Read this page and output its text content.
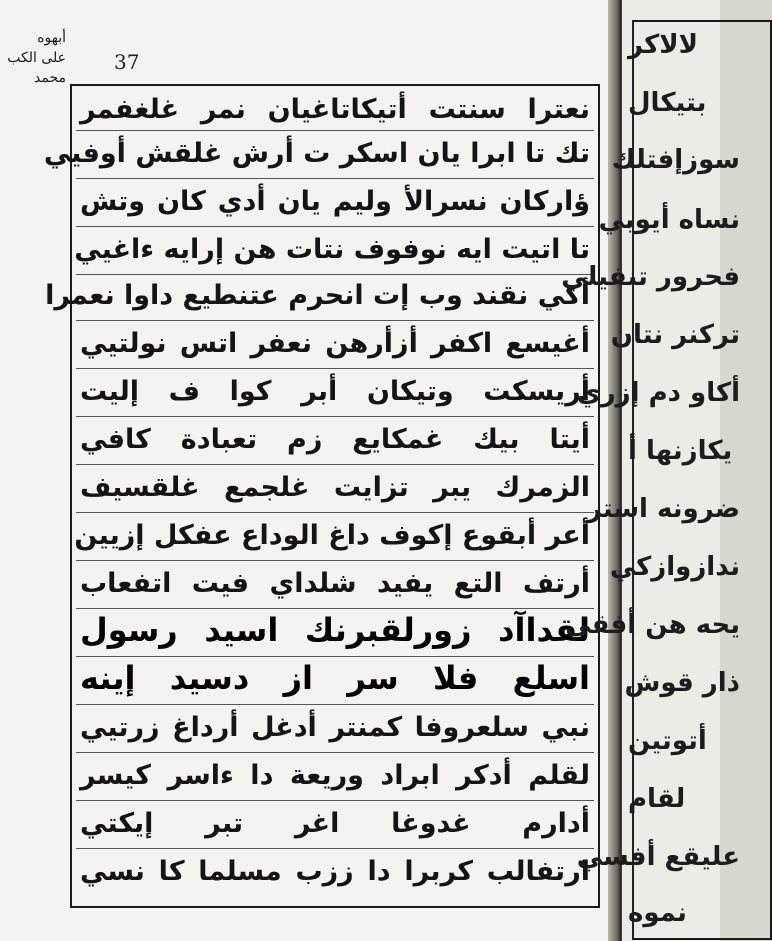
أبهوه
على الكب
محمد
37
نعترا سنتت أتيكاتاغيان نمر غلغفمر
تك تا ابرا يان اسكر ت أرش غلقش أوفيي
ؤاركان نسرالأ وليم يان أدي كان وتش
تا اتيت ايه نوفوف نتات هن إرايه ءاغيي
أكي نقند وب إت انحرم عتنطيع داوا نعمرا
أغيسع اكفر أزأرهن نعفر اتس نولتيي
أريسكت وتيكان أبر كوا ف إليت
أيتا بيك غمكايع زم تعبادة كافي
الزمرك يبر تزايت غلجمع غلقسيف
أعر أبقوع إكوف داغ الوداع عفكل إزيين
أرتف التع يفيد شلداي فيت اتفعاب
لقداآد زورلقبرنك اسيد رسول
اسلع فلا سر از دسيد إينه
نبي سلعروفا كمنتر أدغل أرداغ زرتيي
لقلم أدكر ابراد وريعة دا ءاسر كيسر
أدارم غدوغا اغر تبر إيكتي
ارتفالب كربرا دا ززب مسلما كا نسي
لالاكر
بتيكال
سوزإفتلك
نساه أيوبي
فحرور تنفيلي
تركنر نتان
أكاو دم إزري
يكازنها أ
ضرونه استر
ندازوازكي
يحه هن أفقي
ذار قوش
أتوتين
لقام
عليقع أفسي
نموه
